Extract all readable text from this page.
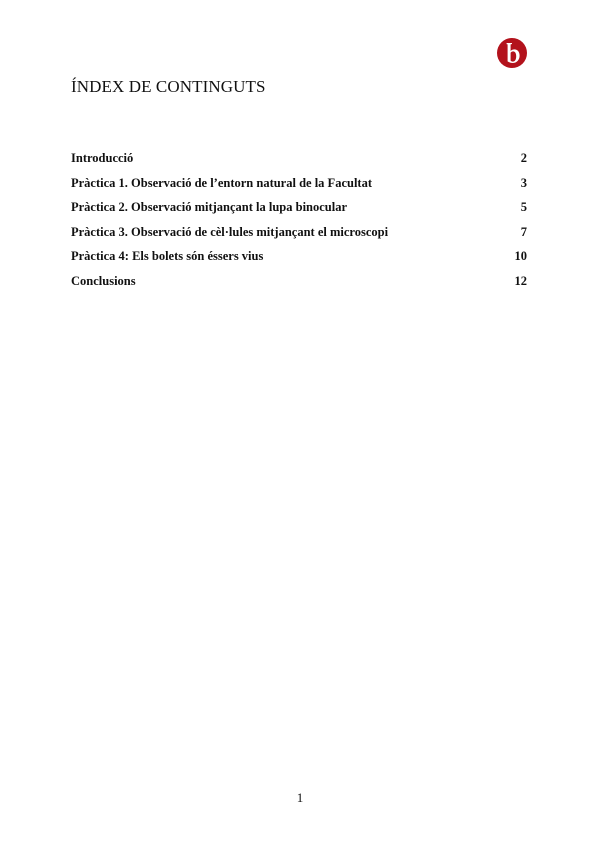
ÍNDEX DE CONTINGUTS
Introducció	2
Pràctica 1. Observació de l’entorn natural de la Facultat	3
Pràctica 2. Observació mitjançant la lupa binocular	5
Pràctica 3. Observació de cèl·lules mitjançant el microscopi	7
Pràctica 4: Els bolets són éssers vius	10
Conclusions	12
1
